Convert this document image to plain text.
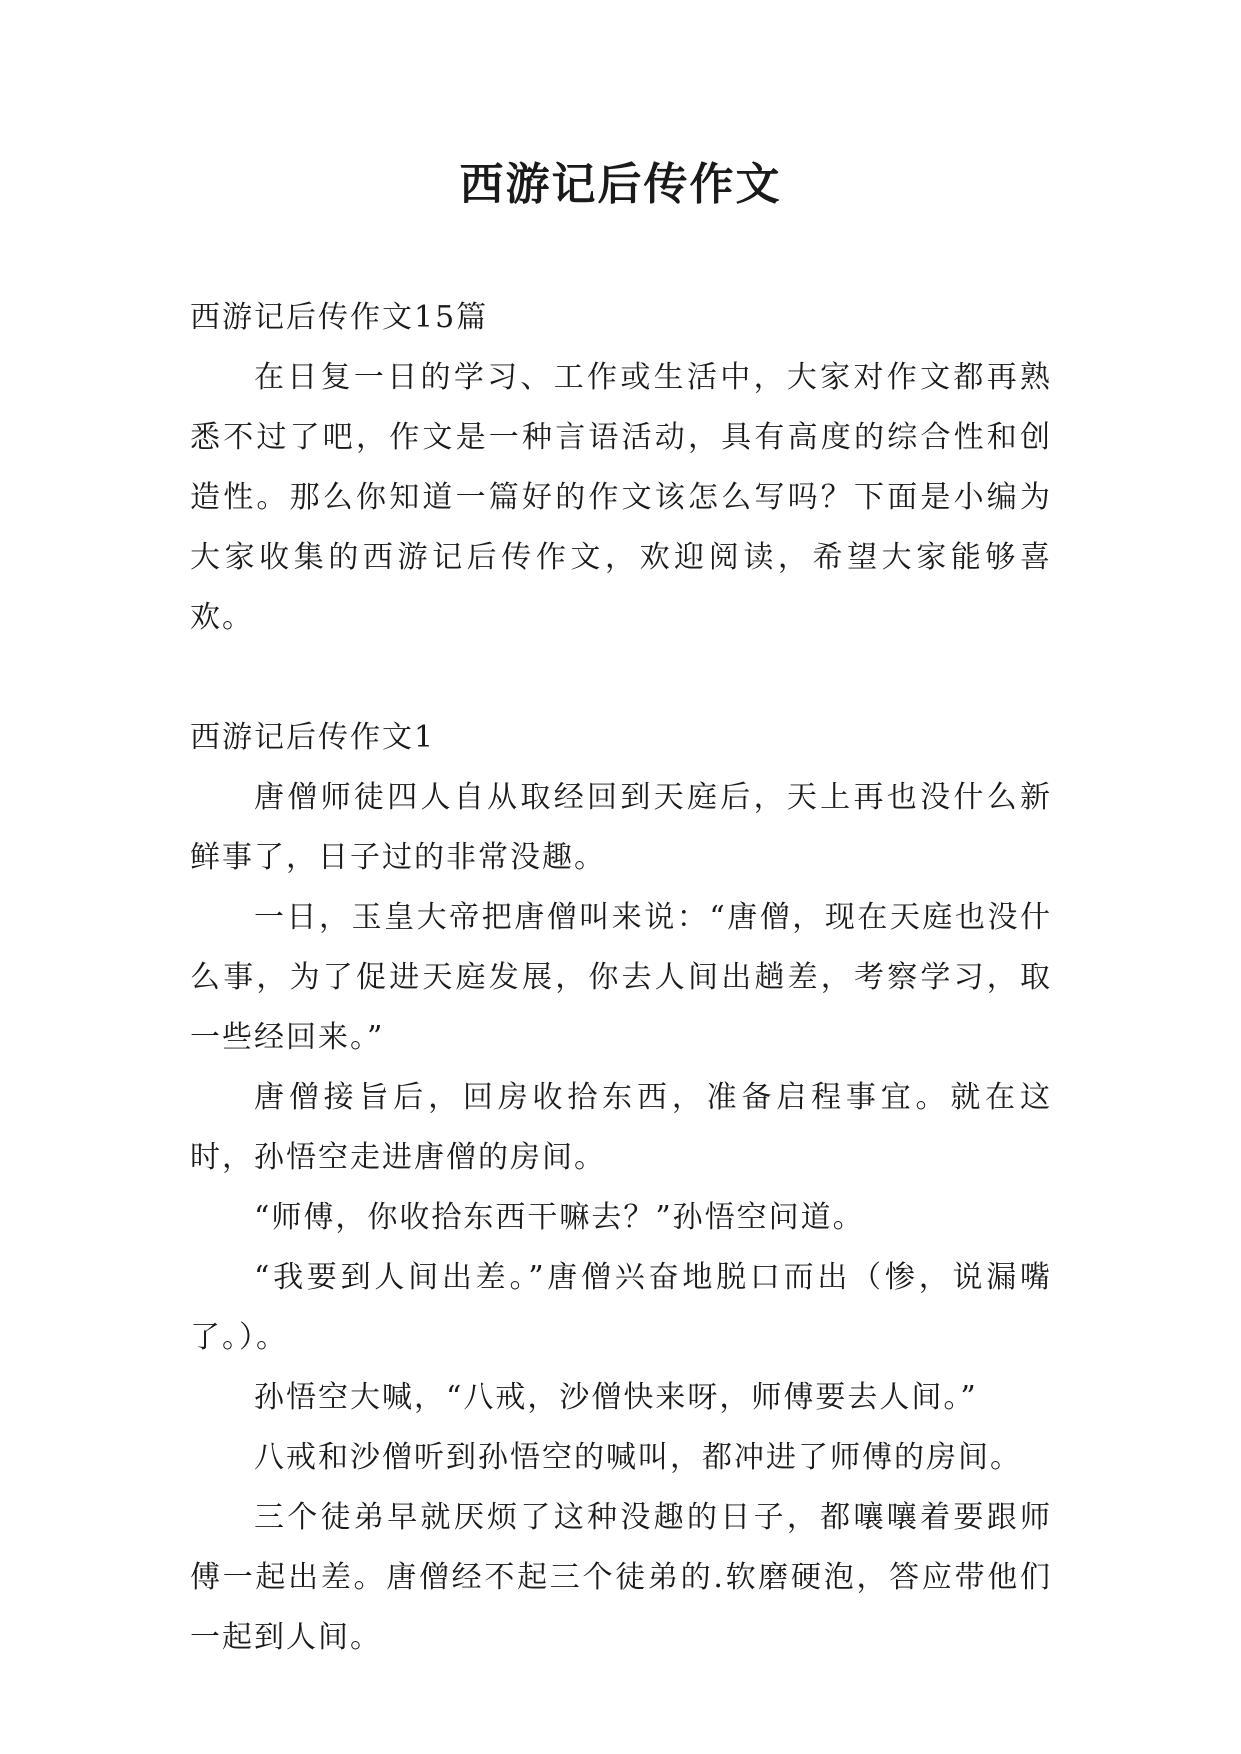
西游记后传作文

西游记后传作文15篇

在日复一日的学习、工作或生活中，大家对作文都再熟悉不过了吧，作文是一种言语活动，具有高度的综合性和创造性。那么你知道一篇好的作文该怎么写吗？下面是小编为大家收集的西游记后传作文，欢迎阅读，希望大家能够喜欢。

西游记后传作文1

唐僧师徒四人自从取经回到天庭后，天上再也没什么新鲜事了，日子过的非常没趣。

一日，玉皇大帝把唐僧叫来说：“唐僧，现在天庭也没什么事，为了促进天庭发展，你去人间出趟差，考察学习，取一些经回来。”

唐僧接旨后，回房收拾东西，准备启程事宜。就在这时，孙悟空走进唐僧的房间。

“师傅，你收拾东西干嘛去？”孙悟空问道。

“我要到人间出差。”唐僧兴奋地脱口而出（惨，说漏嘴了。）。

孙悟空大喊，“八戒，沙僧快来呀，师傅要去人间。”

八戒和沙僧听到孙悟空的喊叫，都冲进了师傅的房间。

三个徒弟早就厌烦了这种没趣的日子，都嚷嚷着要跟师傅一起出差。唐僧经不起三个徒弟的.软磨硬泡，答应带他们一起到人间。
